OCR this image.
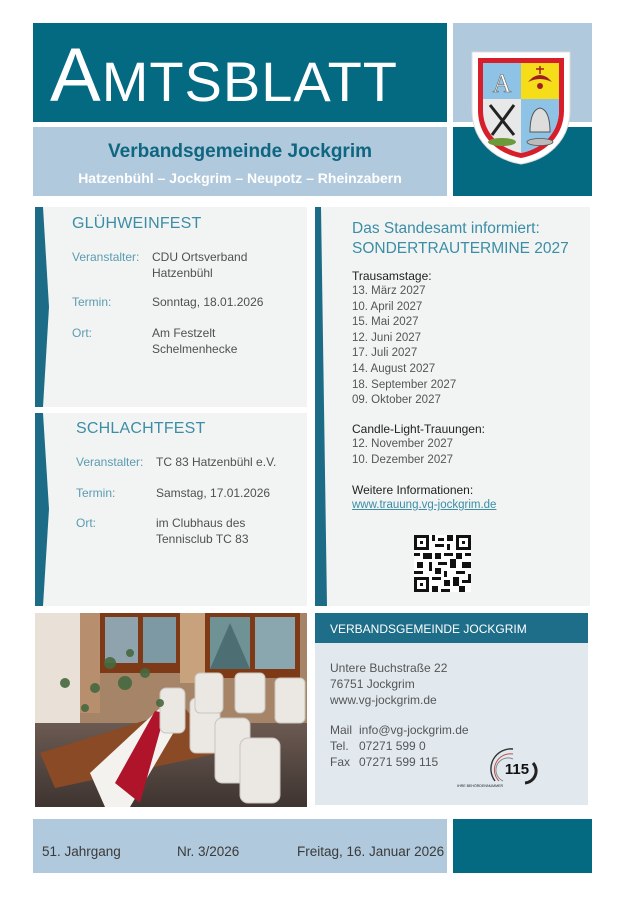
AMTSBLATT
Verbandsgemeinde Jockgrim
Hatzenbühl – Jockgrim – Neupotz – Rheinzabern
A
GLÜHWEINFEST
Veranstalter:	CDU Ortsverband Hatzenbühl
Termin:	Sonntag, 18.01.2026
Ort:	Am Festzelt Schelmenhecke
SCHLACHTFEST
Veranstalter:	TC 83 Hatzenbühl e.V.
Termin:	Samstag, 17.01.2026
Ort:	im Clubhaus des Tennisclub TC 83
Das Standesamt informiert:
SONDERTRAUTERMINE 2027
Trausamstage:
13. März 2027
10. April 2027
15. Mai 2027
12. Juni 2027
17. Juli 2027
14. August 2027
18. September 2027
09. Oktober 2027
Candle-Light-Trauungen:
12. November 2027
10. Dezember 2027
Weitere Informationen:
www.trauung.vg-jockgrim.de
VERBANDSGEMEINDE JOCKGRIM
Untere Buchstraße 22
76751 Jockgrim
www.vg-jockgrim.de
Mail info@vg-jockgrim.de
Tel. 07271 599 0
Fax 07271 599 115	115
IHRE BEHÖRDENNUMMER
51. Jahrgang	Nr. 3/2026	Freitag, 16. Januar 2026
